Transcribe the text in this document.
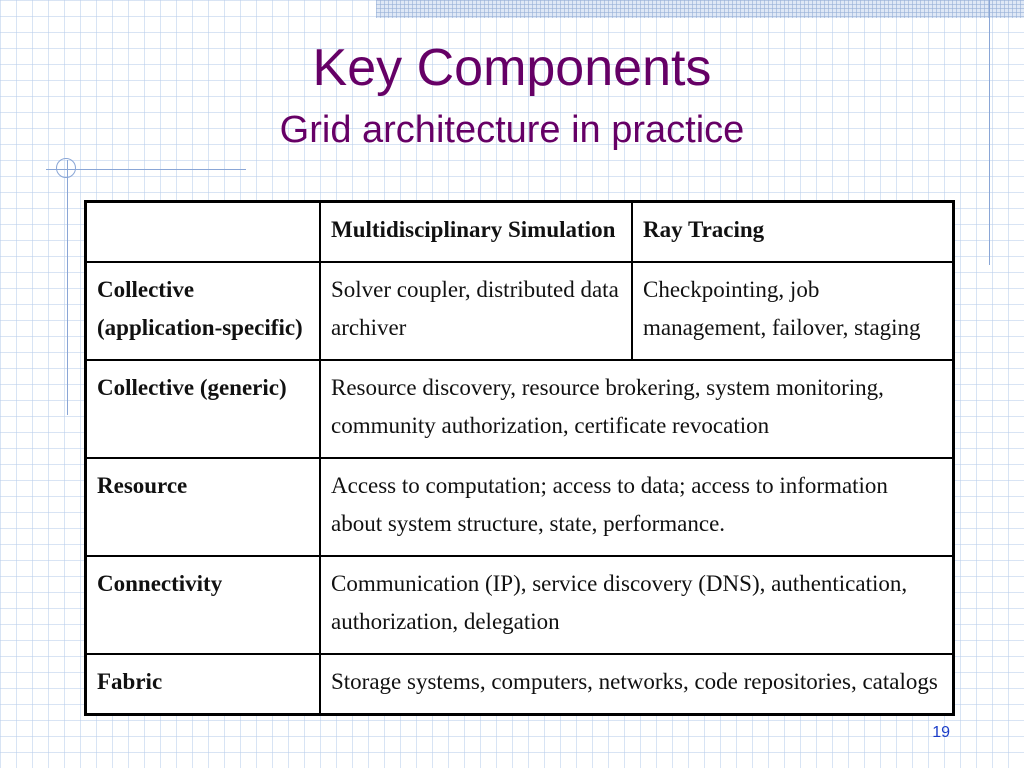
Key Components
Grid architecture in practice
	Multidisciplinary Simulation	Ray Tracing
Collective (application-specific)	Solver coupler, distributed data archiver	Checkpointing, job management, failover, staging
Collective (generic)	Resource discovery, resource brokering, system monitoring, community authorization, certificate revocation	
Resource	Access to computation; access to data; access to information about system structure, state, performance.	
Connectivity	Communication (IP), service discovery (DNS), authentication, authorization, delegation	
Fabric	Storage systems, computers, networks, code repositories, catalogs	
19
